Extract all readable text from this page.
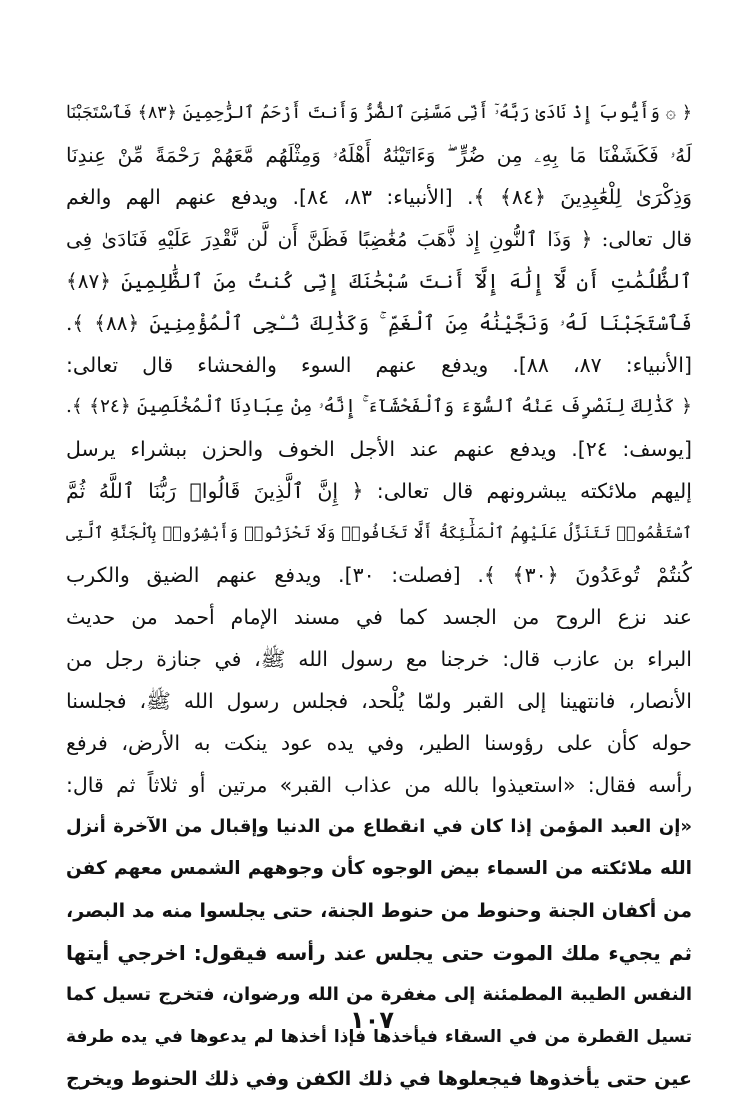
﴿ ۞ وَأَيُّوبَ إِذْ نَادَىٰ رَبَّهُۥٓ أَنِّى مَسَّنِىَ ٱلضُّرُّ وَأَنتَ أَرْحَمُ ٱلرَّٰحِمِينَ ﴿٨٣﴾ فَٱسْتَجَبْنَا
لَهُۥ فَكَشَفْنَا مَا بِهِۦ مِن ضُرٍّ ۖ وَءَاتَيْنَٰهُ أَهْلَهُۥ وَمِثْلَهُم مَّعَهُمْ رَحْمَةً مِّنْ عِندِنَا
وَذِكْرَىٰ لِلْعَٰبِدِينَ ﴿٨٤﴾ ﴾. [الأنبياء: ٨٣، ٨٤]. ويدفع عنهم الهم والغم
قال تعالى: ﴿ وَذَا ٱلنُّونِ إِذ ذَّهَبَ مُغَٰضِبًا فَظَنَّ أَن لَّن نَّقْدِرَ عَلَيْهِ فَنَادَىٰ فِى
ٱلظُّلُمَٰتِ أَن لَّآ إِلَٰهَ إِلَّآ أَنتَ سُبْحَٰنَكَ إِنِّى كُنتُ مِنَ ٱلظَّٰلِمِينَ ﴿٨٧﴾
فَٱسْتَجَبْنَا لَهُۥ وَنَجَّيْنَٰهُ مِنَ ٱلْغَمِّ ۚ وَكَذَٰلِكَ نُـۨجِى ٱلْمُؤْمِنِينَ ﴿٨٨﴾ ﴾.
[الأنبياء: ٨٧، ٨٨]. ويدفع عنهم السوء والفحشاء قال تعالى:
﴿ كَذَٰلِكَ لِنَصْرِفَ عَنْهُ ٱلسُّوٓءَ وَٱلْفَحْشَآءَ ۚ إِنَّهُۥ مِنْ عِبَادِنَا ٱلْمُخْلَصِينَ ﴿٢٤﴾ ﴾.
[يوسف: ٢٤]. ويدفع عنهم عند الأجل الخوف والحزن ببشراء يرسل
إليهم ملائكته يبشرونهم قال تعالى: ﴿ إِنَّ ٱلَّذِينَ قَالُوا۟ رَبُّنَا ٱللَّهُ ثُمَّ
ٱسْتَقَٰمُوا۟ تَتَنَزَّلُ عَلَيْهِمُ ٱلْمَلَٰٓئِكَةُ أَلَّا تَخَافُوا۟ وَلَا تَحْزَنُوا۟ وَأَبْشِرُوا۟ بِٱلْجَنَّةِ ٱلَّتِى
كُنتُمْ تُوعَدُونَ ﴿٣٠﴾ ﴾. [فصلت: ٣٠]. ويدفع عنهم الضيق والكرب
عند نزع الروح من الجسد كما في مسند الإمام أحمد من حديث
البراء بن عازب قال: خرجنا مع رسول الله ﷺ، في جنازة رجل من
الأنصار، فانتهينا إلى القبر ولمّا يُلْحد، فجلس رسول الله ﷺ، فجلسنا
حوله كأن على رؤوسنا الطير، وفي يده عود ينكت به الأرض، فرفع
رأسه فقال: «استعيذوا بالله من عذاب القبر» مرتين أو ثلاثاً ثم قال:
«إن العبد المؤمن إذا كان في انقطاع من الدنيا وإقبال من الآخرة أنزل
الله ملائكته من السماء بيض الوجوه كأن وجوههم الشمس معهم كفن
من أكفان الجنة وحنوط من حنوط الجنة، حتى يجلسوا منه مد البصر،
ثم يجيء ملك الموت حتى يجلس عند رأسه فيقول: اخرجي أيتها
النفس الطيبة المطمئنة إلى مغفرة من الله ورضوان، فتخرج تسيل كما
تسيل القطرة من في السقاء فيأخذها فإذا أخذها لم يدعوها في يده طرفة
عين حتى يأخذوها فيجعلوها في ذلك الكفن وفي ذلك الحنوط ويخرج
١٠٧
